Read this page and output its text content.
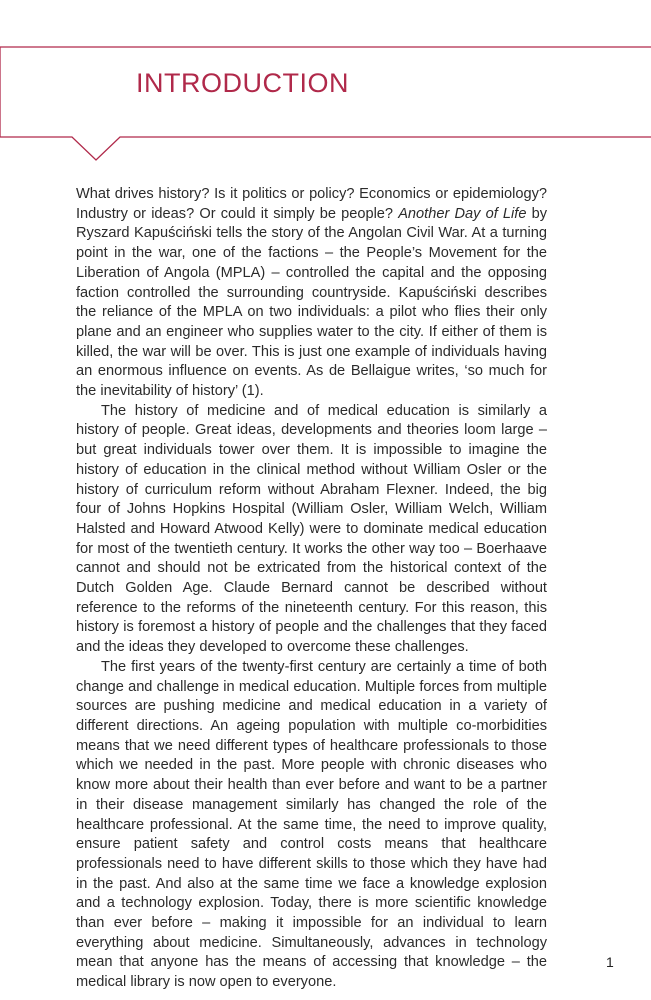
INTRODUCTION

What drives history? Is it politics or policy? Economics or epidemiology? Industry or ideas? Or could it simply be people? Another Day of Life by Ryszard Kapuściński tells the story of the Angolan Civil War. At a turning point in the war, one of the factions – the People’s Movement for the Liberation of Angola (MPLA) – controlled the capital and the opposing faction controlled the surrounding countryside. Kapuściński describes the reliance of the MPLA on two individuals: a pilot who flies their only plane and an engineer who supplies water to the city. If either of them is killed, the war will be over. This is just one example of individuals having an enormous influence on events. As de Bellaigue writes, ‘so much for the inevitability of history’ (1).

The history of medicine and of medical education is similarly a history of people. Great ideas, developments and theories loom large – but great individuals tower over them. It is impossible to imagine the history of education in the clinical method without William Osler or the history of curriculum reform without Abraham Flexner. Indeed, the big four of Johns Hopkins Hospital (William Osler, William Welch, William Halsted and Howard Atwood Kelly) were to dominate medical education for most of the twentieth century. It works the other way too – Boerhaave cannot and should not be extricated from the historical context of the Dutch Golden Age. Claude Bernard cannot be described without reference to the reforms of the nineteenth century. For this reason, this history is foremost a history of people and the challenges that they faced and the ideas they developed to overcome these challenges.

The first years of the twenty-first century are certainly a time of both change and challenge in medical education. Multiple forces from multiple sources are pushing medicine and medical education in a variety of different directions. An ageing population with multiple co-morbidities means that we need different types of healthcare professionals to those which we needed in the past. More people with chronic diseases who know more about their health than ever before and want to be a partner in their disease management similarly has changed the role of the healthcare professional. At the same time, the need to improve quality, ensure patient safety and control costs means that healthcare professionals need to have different skills to those which they have had in the past. And also at the same time we face a knowledge explosion and a technology explosion. Today, there is more scientific knowledge than ever before – making it impossible for an individual to learn everything about medicine. Simultaneously, advances in technology mean that anyone has the means of accessing that knowledge – the medical library is now open to everyone.

1
